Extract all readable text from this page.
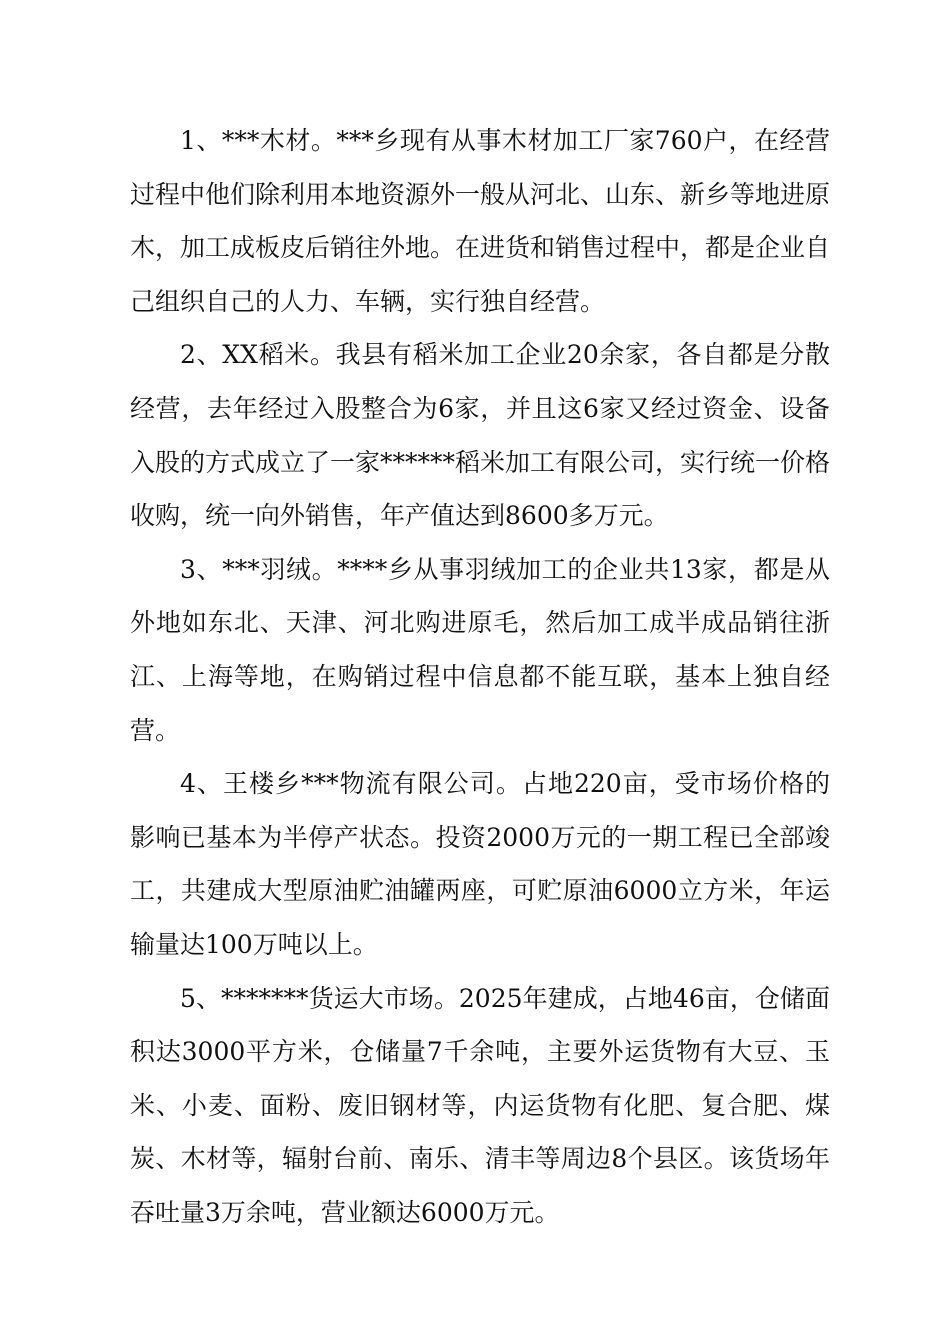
1、***木材。***乡现有从事木材加工厂家760户，在经营过程中他们除利用本地资源外一般从河北、山东、新乡等地进原木，加工成板皮后销往外地。在进货和销售过程中，都是企业自己组织自己的人力、车辆，实行独自经营。

2、XX稻米。我县有稻米加工企业20余家，各自都是分散经营，去年经过入股整合为6家，并且这6家又经过资金、设备入股的方式成立了一家******稻米加工有限公司，实行统一价格收购，统一向外销售，年产值达到8600多万元。

3、***羽绒。****乡从事羽绒加工的企业共13家，都是从外地如东北、天津、河北购进原毛，然后加工成半成品销往浙江、上海等地，在购销过程中信息都不能互联，基本上独自经营。

4、王楼乡***物流有限公司。占地220亩，受市场价格的影响已基本为半停产状态。投资2000万元的一期工程已全部竣工，共建成大型原油贮油罐两座，可贮原油6000立方米，年运输量达100万吨以上。

5、*******货运大市场。2025年建成，占地46亩，仓储面积达3000平方米，仓储量7千余吨，主要外运货物有大豆、玉米、小麦、面粉、废旧钢材等，内运货物有化肥、复合肥、煤炭、木材等，辐射台前、南乐、清丰等周边8个县区。该货场年吞吐量3万余吨，营业额达6000万元。
